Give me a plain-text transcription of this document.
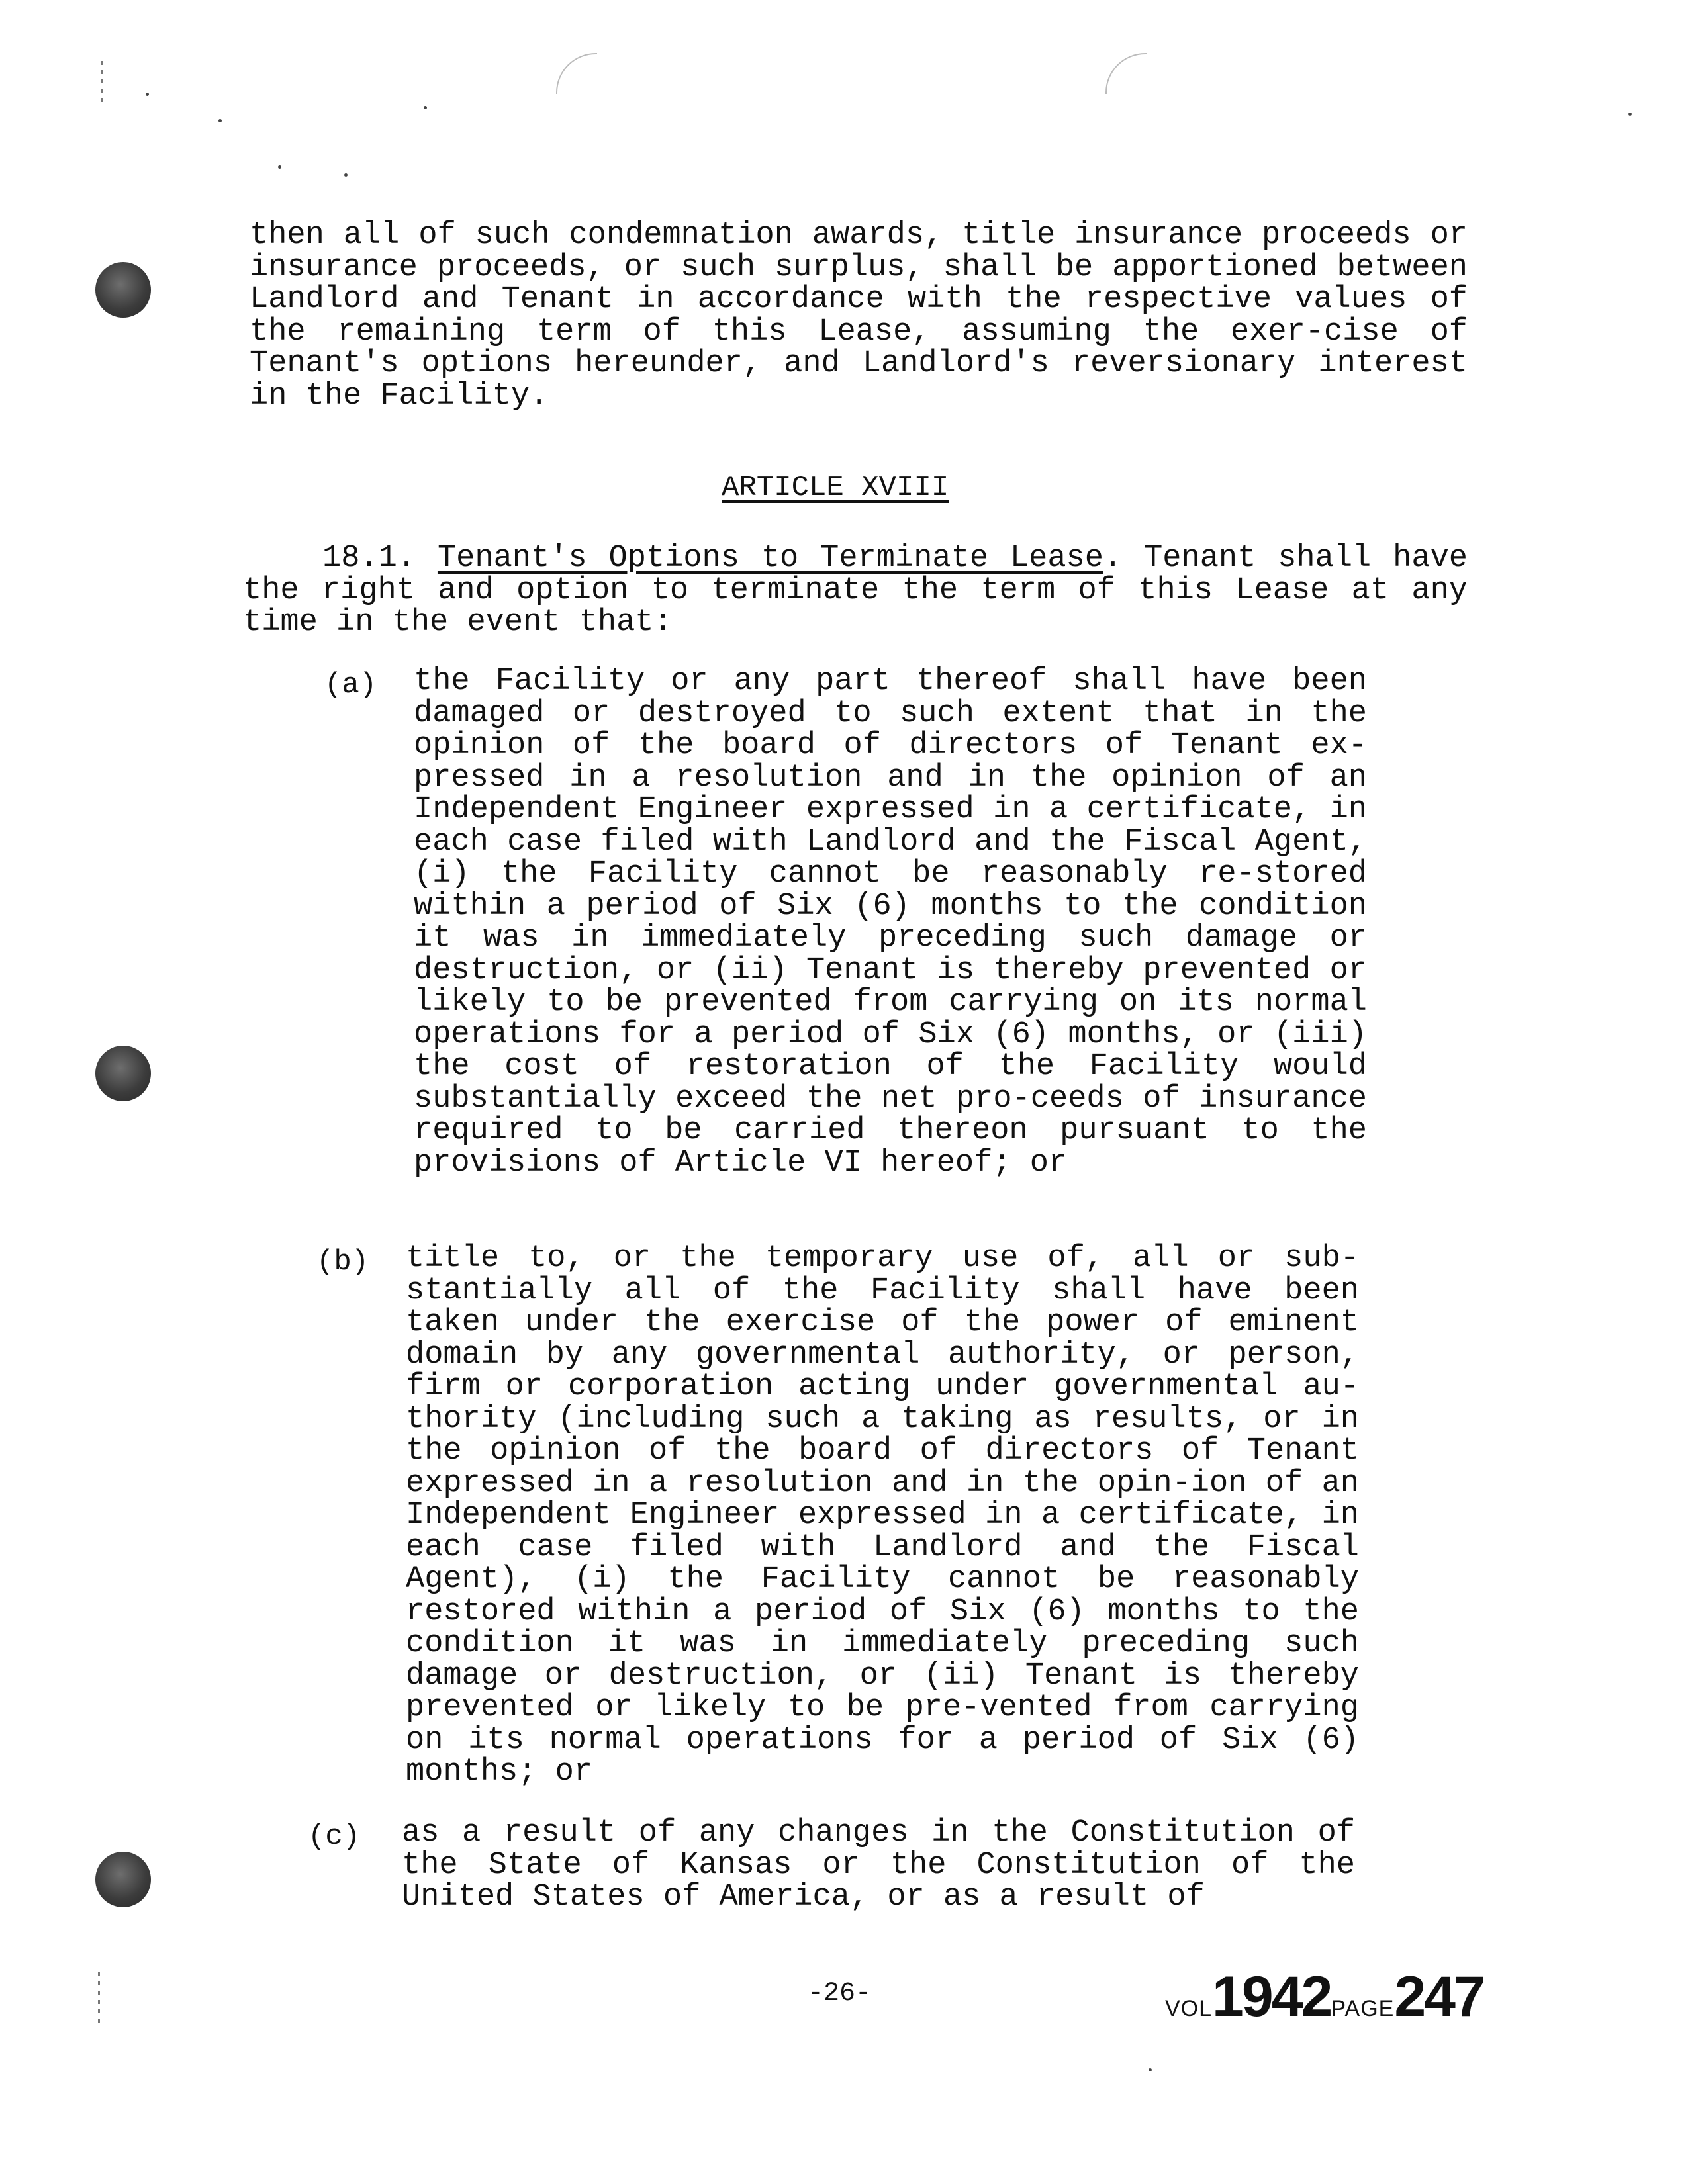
then all of such condemnation awards, title insurance proceeds or insurance proceeds, or such surplus, shall be apportioned between Landlord and Tenant in accordance with the respective values of the remaining term of this Lease, assuming the exer-cise of Tenant's options hereunder, and Landlord's reversionary interest in the Facility.

ARTICLE XVIII

18.1. Tenant's Options to Terminate Lease. Tenant shall have the right and option to terminate the term of this Lease at any time in the event that:

(a) the Facility or any part thereof shall have been damaged or destroyed to such extent that in the opinion of the board of directors of Tenant ex-pressed in a resolution and in the opinion of an Independent Engineer expressed in a certificate, in each case filed with Landlord and the Fiscal Agent, (i) the Facility cannot be reasonably re-stored within a period of Six (6) months to the condition it was in immediately preceding such damage or destruction, or (ii) Tenant is thereby prevented or likely to be prevented from carrying on its normal operations for a period of Six (6) months, or (iii) the cost of restoration of the Facility would substantially exceed the net pro-ceeds of insurance required to be carried thereon pursuant to the provisions of Article VI hereof; or

(b) title to, or the temporary use of, all or sub-stantially all of the Facility shall have been taken under the exercise of the power of eminent domain by any governmental authority, or person, firm or corporation acting under governmental au-thority (including such a taking as results, or in the opinion of the board of directors of Tenant expressed in a resolution and in the opin-ion of an Independent Engineer expressed in a certificate, in each case filed with Landlord and the Fiscal Agent), (i) the Facility cannot be reasonably restored within a period of Six (6) months to the condition it was in immediately preceding such damage or destruction, or (ii) Tenant is thereby prevented or likely to be pre-vented from carrying on its normal operations for a period of Six (6) months; or

(c) as a result of any changes in the Constitution of the State of Kansas or the Constitution of the United States of America, or as a result of

-26-	VOL1942PAGE247
